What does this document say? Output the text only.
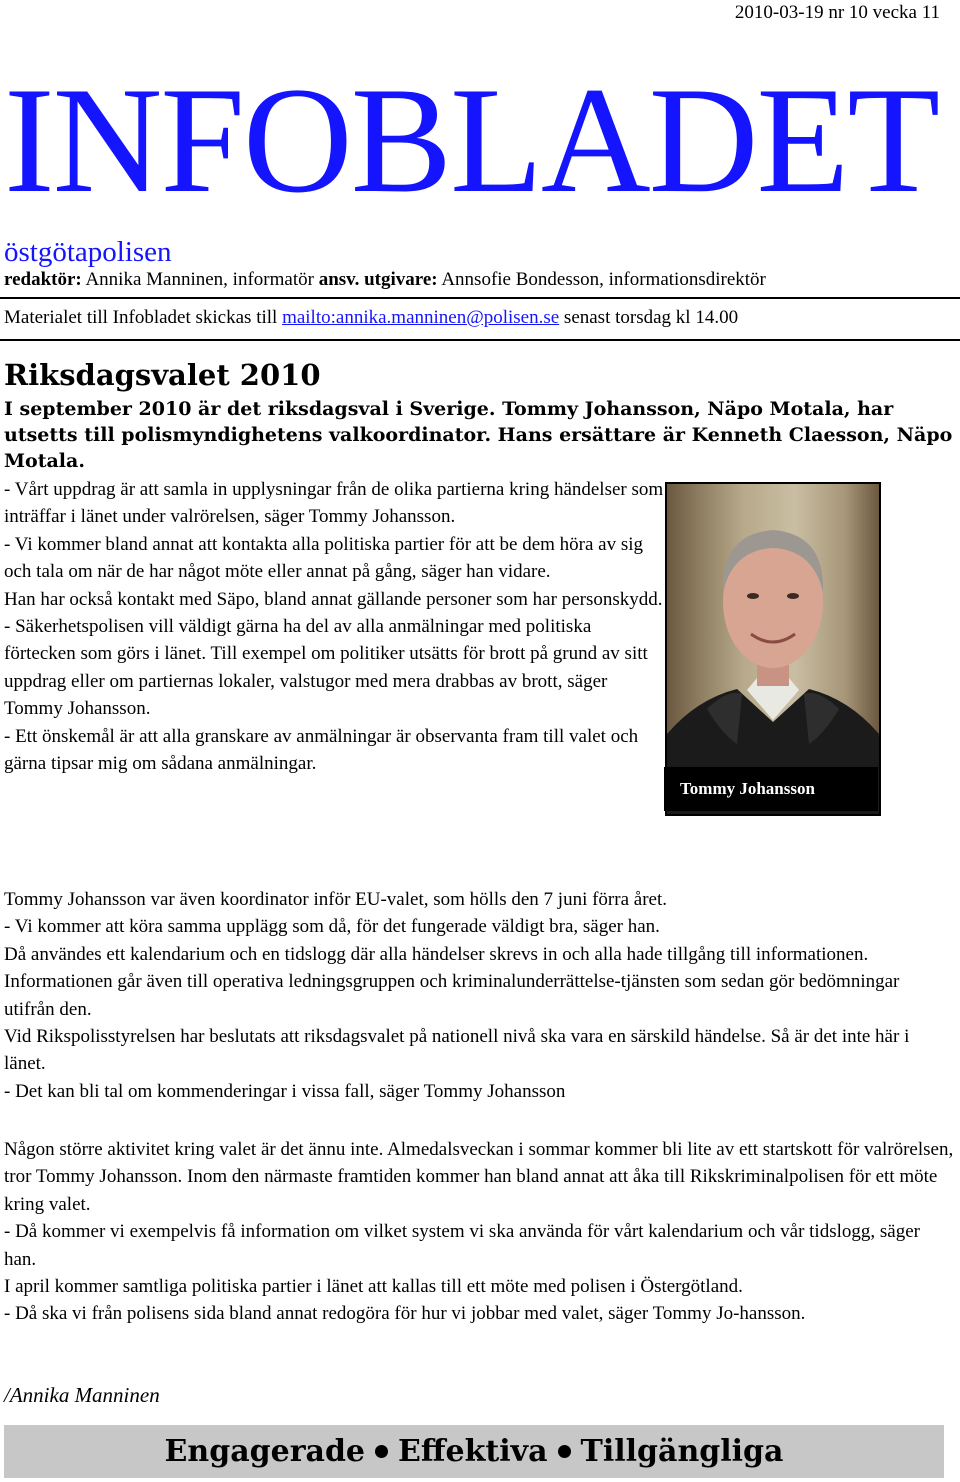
2010-03-19 nr 10 vecka 11
INFOBLADET
östgötapolisen
redaktör: Annika Manninen, informatör ansv. utgivare: Annsofie Bondesson, informationsdirektör
Materialet till Infobladet skickas till mailto:annika.manninen@polisen.se senast torsdag kl 14.00
Riksdagsvalet 2010
I september 2010 är det riksdagsval i Sverige. Tommy Johansson, Näpo Motala, har utsetts till polismyndighetens valkoordinator. Hans ersättare är Kenneth Claesson, Näpo Motala.

- Vårt uppdrag är att samla in upplysningar från de olika partierna kring händelser som inträffar i länet under valrörelsen, säger Tommy Johansson.

- Vi kommer bland annat att kontakta alla politiska partier för att be dem höra av sig och tala om när de har något möte eller annat på gång, säger han vidare.

Han har också kontakt med Säpo, bland annat gällande personer som har personskydd.

- Säkerhetspolisen vill väldigt gärna ha del av alla anmälningar med politiska förtecken som görs i länet. Till exempel om politiker utsätts för brott på grund av sitt uppdrag eller om partiernas lokaler, valstugor med mera drabbas av brott, säger Tommy Johansson.

- Ett önskemål är att alla granskare av anmälningar är observanta fram till valet och gärna tipsar mig om sådana anmälningar.

Tommy Johansson

Tommy Johansson var även koordinator inför EU-valet, som hölls den 7 juni förra året.

- Vi kommer att köra samma upplägg som då, för det fungerade väldigt bra, säger han.

Då användes ett kalendarium och en tidslogg där alla händelser skrevs in och alla hade tillgång till informationen. Informationen går även till operativa ledningsgruppen och kriminalunderrättelse-tjänsten som sedan gör bedömningar utifrån den.

Vid Rikspolisstyrelsen har beslutats att riksdagsvalet på nationell nivå ska vara en särskild händelse. Så är det inte här i länet.

- Det kan bli tal om kommenderingar i vissa fall, säger Tommy Johansson

Någon större aktivitet kring valet är det ännu inte. Almedalsveckan i sommar kommer bli lite av ett startskott för valrörelsen, tror Tommy Johansson. Inom den närmaste framtiden kommer han bland annat att åka till Rikskriminalpolisen för ett möte kring valet.

- Då kommer vi exempelvis få information om vilket system vi ska använda för vårt kalendarium och vår tidslogg, säger han.

I april kommer samtliga politiska partier i länet att kallas till ett möte med polisen i Östergötland.

- Då ska vi från polisens sida bland annat redogöra för hur vi jobbar med valet, säger Tommy Jo-hansson.

/Annika Manninen
Engagerade Effektiva Tillgängliga
